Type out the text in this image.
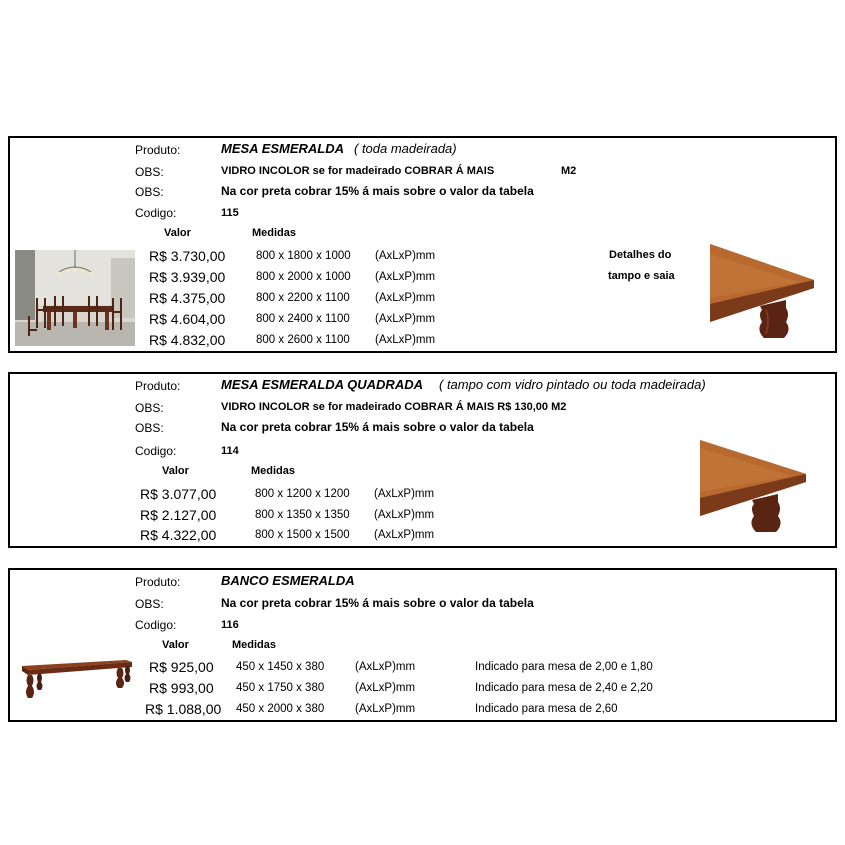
Produto:	MESA ESMERALDA ( toda madeirada)
OBS:	VIDRO INCOLOR se for madeirado COBRAR Á MAIS	M2
OBS:	Na cor preta cobrar 15% á mais sobre o valor da tabela
Codigo:	115
Valor	Medidas
R$ 3.730,00	800 x 1800 x 1000 (AxLxP)mm
R$ 3.939,00	800 x 2000 x 1000 (AxLxP)mm
R$ 4.375,00	800 x 2200 x 1100 (AxLxP)mm
R$ 4.604,00	800 x 2400 x 1100 (AxLxP)mm
R$ 4.832,00	800 x 2600 x 1100 (AxLxP)mm
Detalhes do
tampo e saia
Produto:	MESA ESMERALDA QUADRADA ( tampo com vidro pintado ou toda madeirada)
OBS:	VIDRO INCOLOR se for madeirado COBRAR Á MAIS R$ 130,00 M2
OBS:	Na cor preta cobrar 15% á mais sobre o valor da tabela
Codigo:	114
Valor	Medidas
R$ 3.077,00	800 x 1200 x 1200 (AxLxP)mm
R$ 2.127,00	800 x 1350 x 1350 (AxLxP)mm
R$ 4.322,00	800 x 1500 x 1500 (AxLxP)mm
Produto:	BANCO ESMERALDA
OBS:	Na cor preta cobrar 15% á mais sobre o valor da tabela
Codigo:	116
Valor	Medidas
R$ 925,00 450 x 1450 x 380	(AxLxP)mm	Indicado para mesa de 2,00 e 1,80
R$ 993,00 450 x 1750 x 380	(AxLxP)mm	Indicado para mesa de 2,40 e 2,20
R$ 1.088,00 450 x 2000 x 380	(AxLxP)mm	Indicado para mesa de 2,60
